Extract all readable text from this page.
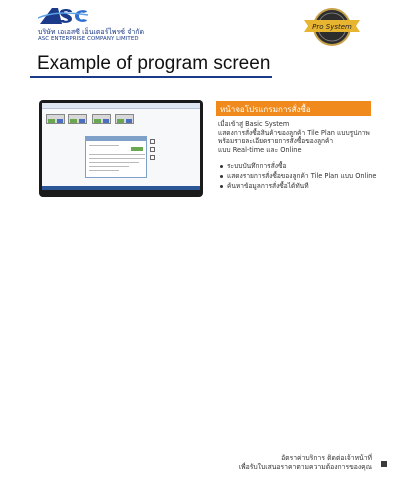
บริษัท เอเอสซี เอ็นเตอร์ไพรซ์ จำกัด
ASC ENTERPRISE COMPANY LIMITED
Pro System
Example of program screen
หน้าจอโปรแกรมการสั่งซื้อ
เมื่อเข้าสู่ Basic System
แสดงการสั่งซื้อสินค้าของลูกค้า Tile Plan แบบรูปภาพ
พร้อมรายละเอียดรายการสั่งซื้อของลูกค้า
แบบ Real-time และ Online
ระบบบันทึกการสั่งซื้อ
แสดงรายการสั่งซื้อของลูกค้า Tile Plan แบบ Online
ค้นหาข้อมูลการสั่งซื้อได้ทันที
อัตราค่าบริการ ติดต่อเจ้าหน้าที่
เพื่อรับใบเสนอราคาตามความต้องการของคุณ
